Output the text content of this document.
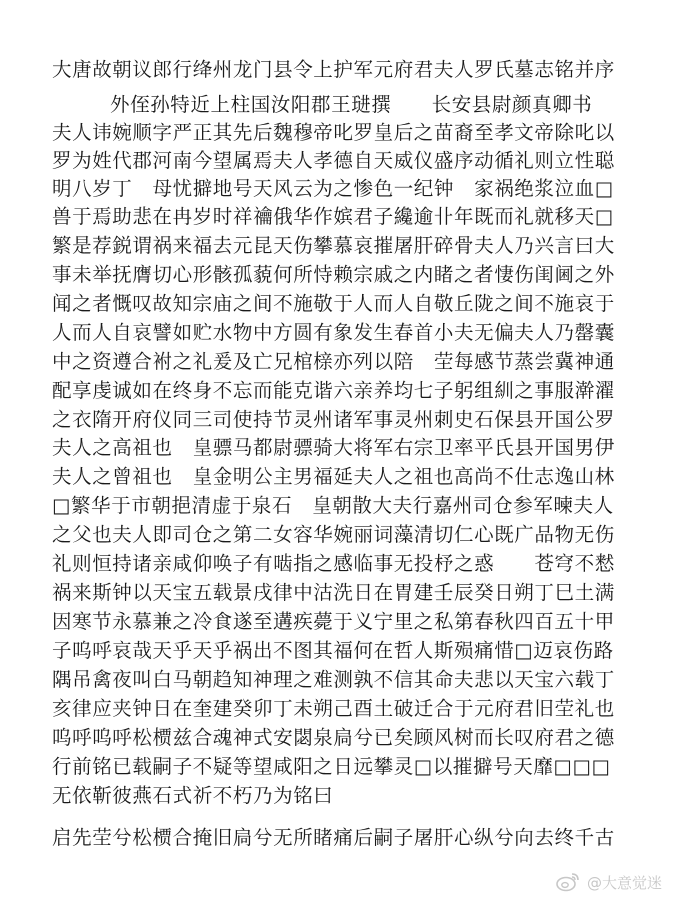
大唐故朝议郎行绛州龙门县令上护军元府君夫人罗氏墓志铭并序
外侄孙特近上柱国汝阳郡王琎撰　　长安县尉颜真卿书
夫人讳婉顺字严正其先后魏穆帝叱罗皇后之苗裔至孝文帝除叱以
罗为姓代郡河南今望属焉夫人孝德自天威仪盛序动循礼则立性聪
明八岁丁　母忧擗地号天风云为之惨色一纪钟　家祸绝浆泣血□
兽于焉助悲在冉岁时祥禴俄华作嫔君子纔逾卝年既而礼就移天□
繁是荐鋭谓祸来福去元昆天伤攀慕哀摧屠肝碎骨夫人乃兴言曰大
事未举抚膺切心形骸孤藐何所恃赖宗戚之内睹之者悽伤闺阃之外
闻之者慨叹故知宗庙之间不施敬于人而人自敬丘陇之间不施哀于
人而人自哀譬如贮水物中方圆有象发生春首小夫无偏夫人乃罄囊
中之资遵合袝之礼爰及亡兄棺榇亦列以陪　茔每感节蒸尝冀神通
配享虔诚如在终身不忘而能克谐六亲养均七子躬组紃之事服澣濯
之衣隋开府仪同三司使持节灵州诸军事灵州刺史石保县开国公罗
夫人之高祖也　皇骠马都尉骠骑大将军右宗卫率平氏县开国男伊
夫人之曾祖也　皇金明公主男福延夫人之祖也高尚不仕志逸山林
□繁华于市朝挹清虚于泉石　皇朝散大夫行嘉州司仓参军暕夫人
之父也夫人即司仓之第二女容华婉丽词藻清切仁心既广品物无伤
礼则恒持诸亲咸仰唤子有啮指之感临事无投杼之惑　　苍穹不慭
祸来斯钟以天宝五载景戌律中沽洗日在胃建壬辰癸日朔丁巳土满
因寒节永慕兼之冷食遂至遘疾薨于义宁里之私第春秋四百五十甲
子呜呼哀哉天乎天乎祸出不图其福何在哲人斯殒痛惜□迈哀伤路
隅吊禽夜叫白马朝趋知神理之难测孰不信其命夫悲以天宝六载丁
亥律应夹钟日在奎建癸卯丁未朔己酉土破迁合于元府君旧茔礼也
呜呼呜呼松槚兹合魂神式安閟泉扃兮已矣顾风树而长叹府君之德
行前铭已载嗣子不疑等望咸阳之日远攀灵□以摧擗号天靡□□□
无依靳彼燕石式祈不朽乃为铭曰
启先茔兮松槚合掩旧扃兮无所睹痛后嗣子屠肝心纵兮向去终千古
@大意觉迷
